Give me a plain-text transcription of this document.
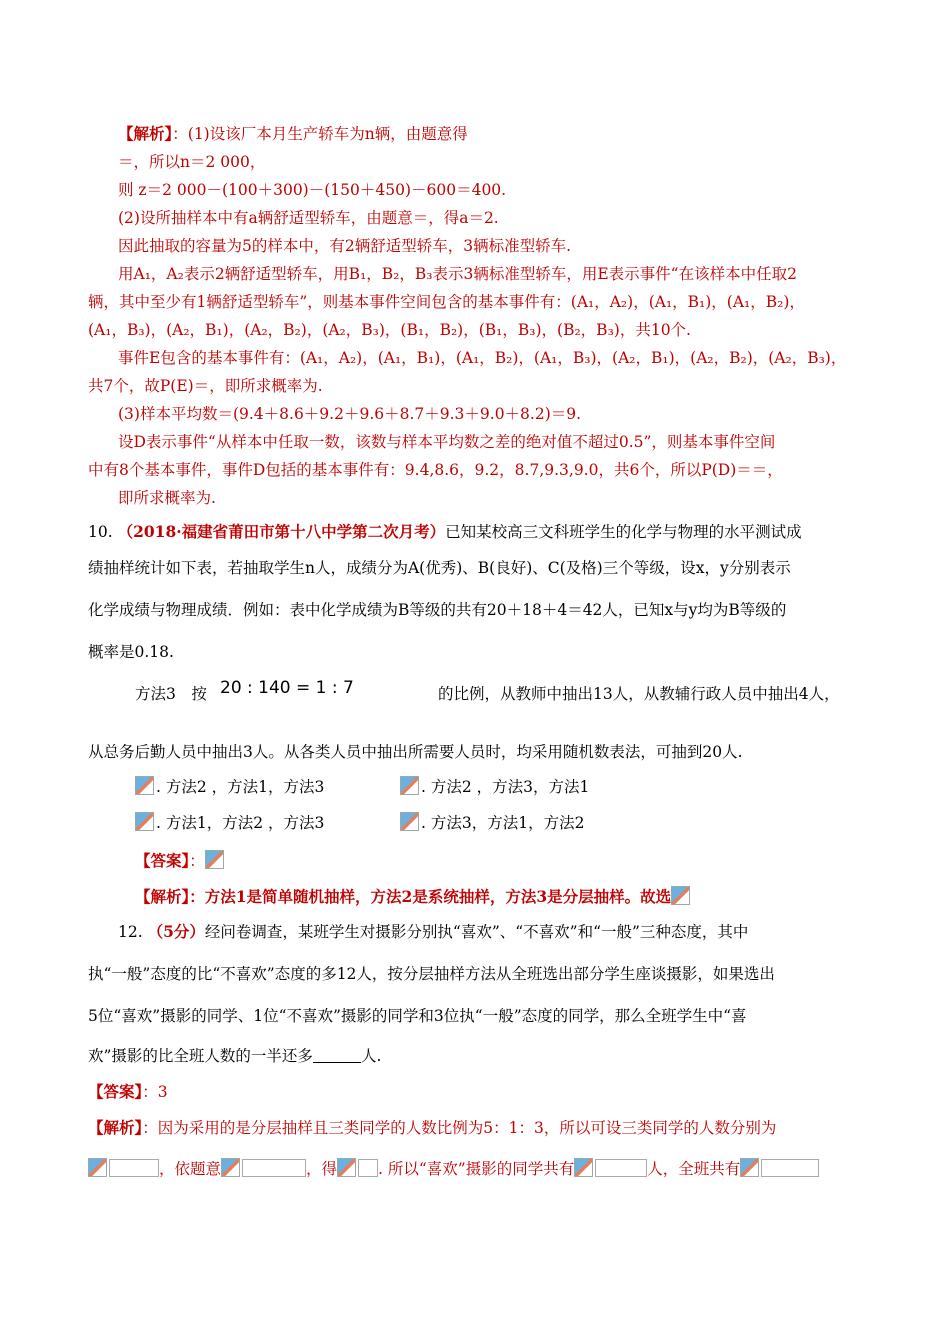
【解析】：(1)设该厂本月生产轿车为n辆，由题意得
＝，所以n＝2 000，
则 z＝2 000－(100＋300)－(150＋450)－600＝400.
(2)设所抽样本中有a辆舒适型轿车，由题意＝，得a＝2.
因此抽取的容量为5的样本中，有2辆舒适型轿车，3辆标准型轿车.
用A₁，A₂表示2辆舒适型轿车，用B₁，B₂，B₃表示3辆标准型轿车，用E表示事件“在该样本中任取2
辆，其中至少有1辆舒适型轿车”，则基本事件空间包含的基本事件有：(A₁，A₂)，(A₁，B₁)，(A₁，B₂)，
(A₁，B₃)，(A₂，B₁)，(A₂，B₂)，(A₂，B₃)，(B₁，B₂)，(B₁，B₃)，(B₂，B₃)，共10个.
事件E包含的基本事件有：(A₁，A₂)，(A₁，B₁)，(A₁，B₂)，(A₁，B₃)，(A₂，B₁)，(A₂，B₂)，(A₂，B₃)，
共7个，故P(E)＝，即所求概率为.
(3)样本平均数＝(9.4＋8.6＋9.2＋9.6＋8.7＋9.3＋9.0＋8.2)＝9.
设D表示事件“从样本中任取一数，该数与样本平均数之差的绝对值不超过0.5”，则基本事件空间
中有8个基本事件，事件D包括的基本事件有：9.4,8.6，9.2，8.7,9.3,9.0，共6个，所以P(D)＝＝，
即所求概率为.
10. （2018·福建省莆田市第十八中学第二次月考）已知某校高三文科班学生的化学与物理的水平测试成
绩抽样统计如下表，若抽取学生n人，成绩分为A(优秀)、B(良好)、C(及格)三个等级，设x，y分别表示
化学成绩与物理成绩．例如：表中化学成绩为B等级的共有20＋18＋4＝42人，已知x与y均为B等级的
概率是0.18.
方法3　按 20 : 140 = 1 : 7	的比例，从教师中抽出13人，从教辅行政人员中抽出4人，
从总务后勤人员中抽出3人。从各类人员中抽出所需要人员时，均采用随机数表法，可抽到20人.
. 方法2 ，方法1，方法3	. 方法2 ，方法3，方法1
. 方法1，方法2 ，方法3	. 方法3，方法1，方法2
【答案】：
【解析】：方法1是简单随机抽样，方法2是系统抽样，方法3是分层抽样。故选
12. （5分）经问卷调查，某班学生对摄影分别执“喜欢”、“不喜欢”和“一般”三种态度，其中
执“一般”态度的比“不喜欢”态度的多12人，按分层抽样方法从全班选出部分学生座谈摄影，如果选出
5位“喜欢”摄影的同学、1位“不喜欢”摄影的同学和3位执“一般”态度的同学，那么全班学生中“喜
欢”摄影的比全班人数的一半还多	人.
【答案】：3
【解析】：因为采用的是分层抽样且三类同学的人数比例为5：1：3，所以可设三类同学的人数分别为
，依题意	，得	. 所以“喜欢”摄影的同学共有	人，全班共有
